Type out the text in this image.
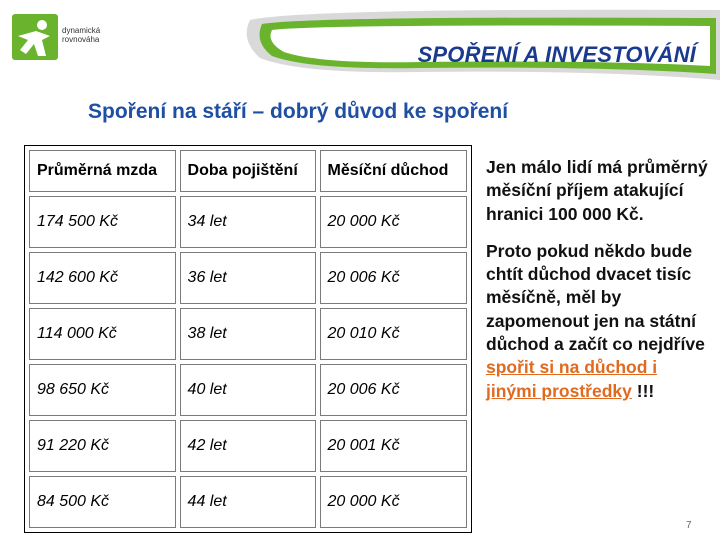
dynamická
rovnováha
SPOŘENÍ A INVESTOVÁNÍ
Spoření na stáří – dobrý důvod ke spoření
Průměrná mzda	Doba pojištění	Měsíční důchod
174 500 Kč	34 let	20 000 Kč
142 600 Kč	36 let	20 006 Kč
114 000 Kč	38 let	20 010 Kč
98 650 Kč	40 let	20 006 Kč
91 220 Kč	42 let	20 001 Kč
84 500 Kč	44 let	20 000 Kč

Jen málo lidí má průměrný měsíční příjem atakující hranici 100 000 Kč.

Proto pokud někdo bude chtít důchod dvacet tisíc měsíčně, měl by zapomenout jen na státní důchod a začít co nejdříve spořit si na důchod i jinými prostředky !!!

7
